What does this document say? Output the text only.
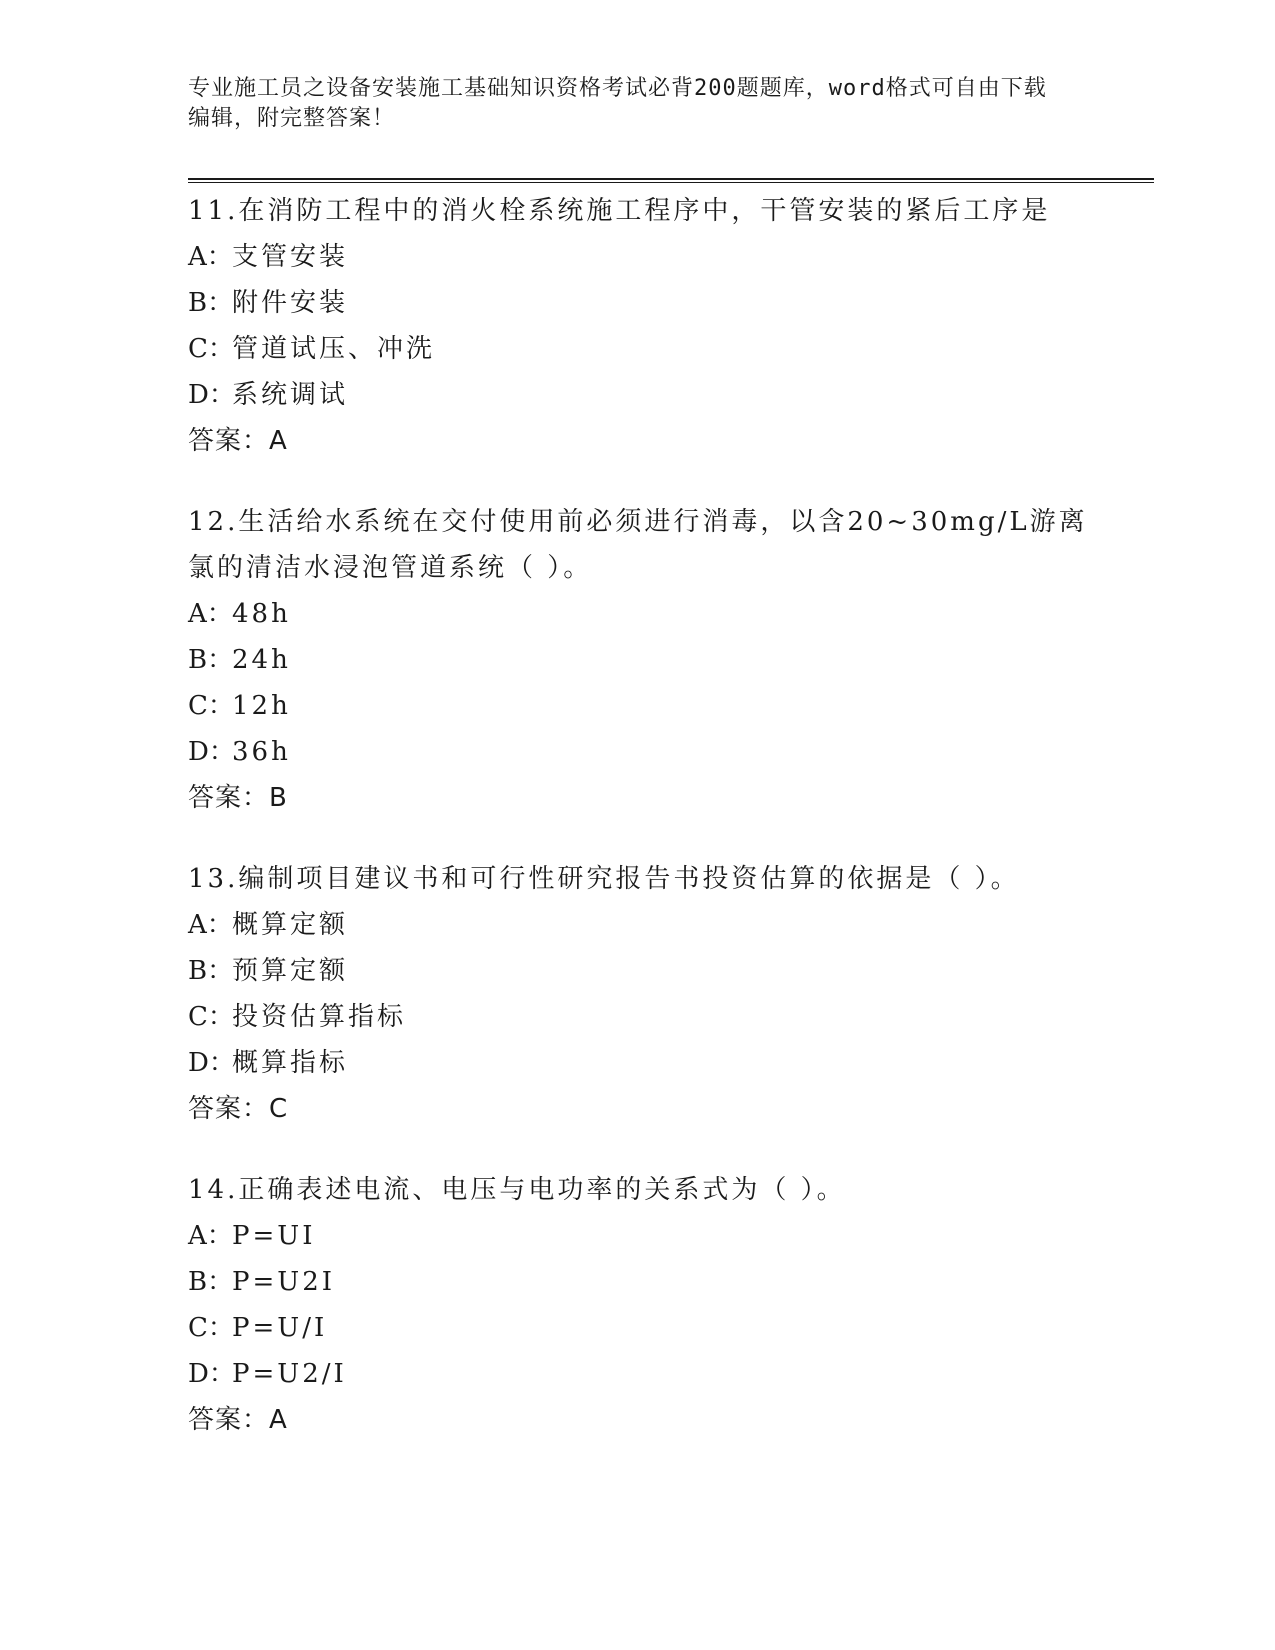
专业施工员之设备安装施工基础知识资格考试必背200题题库，word格式可自由下载编辑，附完整答案！

11.在消防工程中的消火栓系统施工程序中，干管安装的紧后工序是

A： 支管安装
B：
附件安装
C：
管道试压、冲洗
D：
系统调试
答案：A

12.生活给水系统在交付使用前必须进行消毒，以含20~30mg/L游离氯的清洁水浸泡管道系统（ ）。

A： 48h
B：
24h
C：
12h
D：
36h
答案：B

13.编制项目建议书和可行性研究报告书投资估算的依据是（ ）。

A： 概算定额
B：
预算定额
C：
投资估算指标
D：
概算指标
答案：C

14.正确表述电流、电压与电功率的关系式为（ ）。

A： P=UI
B：
P=U2I
C：
P=U/I
D：
P=U2/I
答案：A
